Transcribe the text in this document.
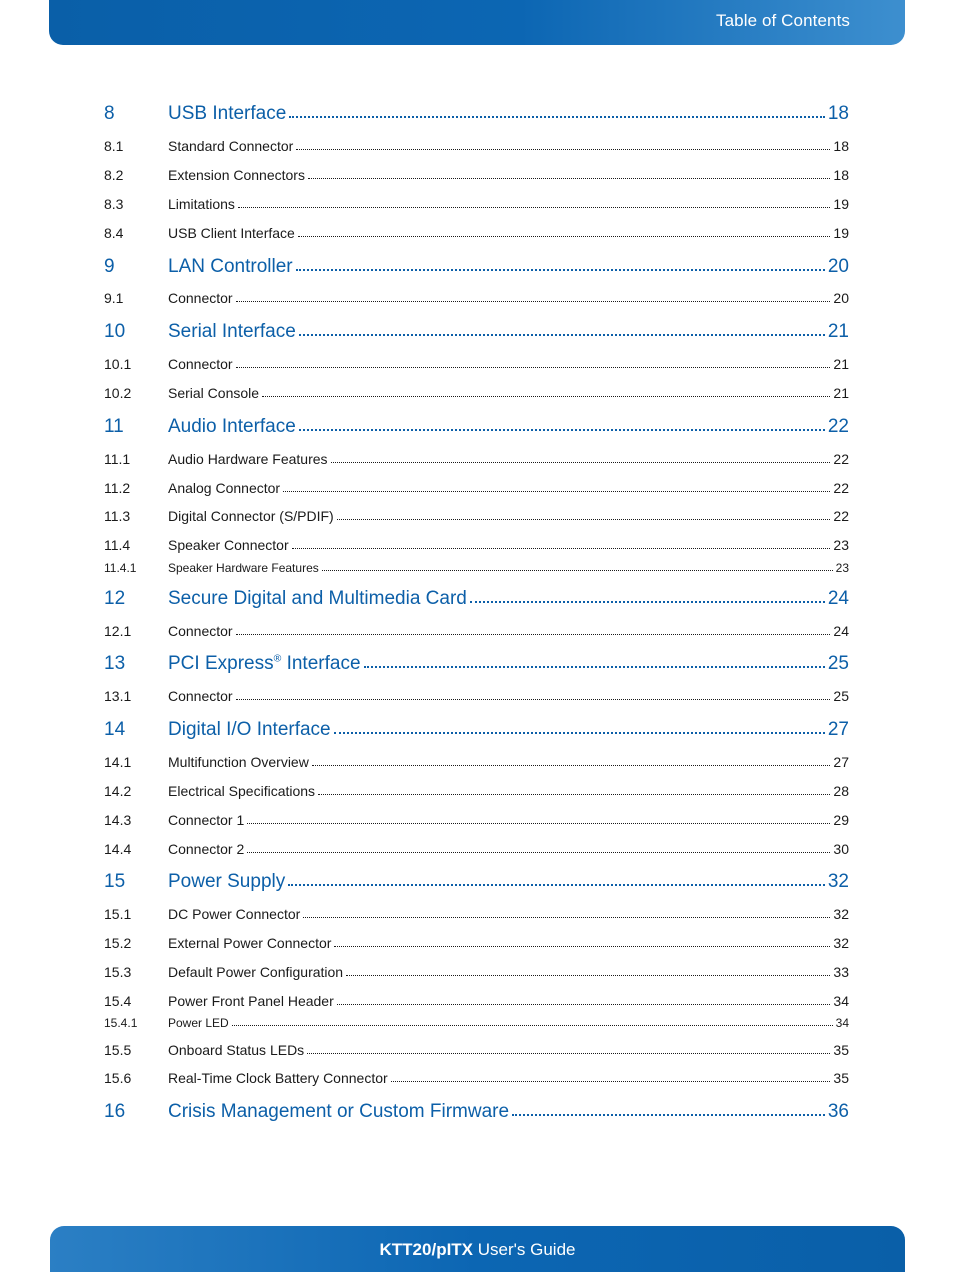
Table of Contents
8	USB Interface	18
8.1	Standard Connector	18
8.2	Extension Connectors	18
8.3	Limitations	19
8.4	USB Client Interface	19
9	LAN Controller	20
9.1	Connector	20
10	Serial Interface	21
10.1	Connector	21
10.2	Serial Console	21
11	Audio Interface	22
11.1	Audio Hardware Features	22
11.2	Analog Connector	22
11.3	Digital Connector (S/PDIF)	22
11.4	Speaker Connector	23
11.4.1	Speaker Hardware Features	23
12	Secure Digital and Multimedia Card	24
12.1	Connector	24
13	PCI Express® Interface	25
13.1	Connector	25
14	Digital I/O Interface	27
14.1	Multifunction Overview	27
14.2	Electrical Specifications	28
14.3	Connector 1	29
14.4	Connector 2	30
15	Power Supply	32
15.1	DC Power Connector	32
15.2	External Power Connector	32
15.3	Default Power Configuration	33
15.4	Power Front Panel Header	34
15.4.1	Power LED	34
15.5	Onboard Status LEDs	35
15.6	Real-Time Clock Battery Connector	35
16	Crisis Management or Custom Firmware	36
KTT20/pITX User's Guide
